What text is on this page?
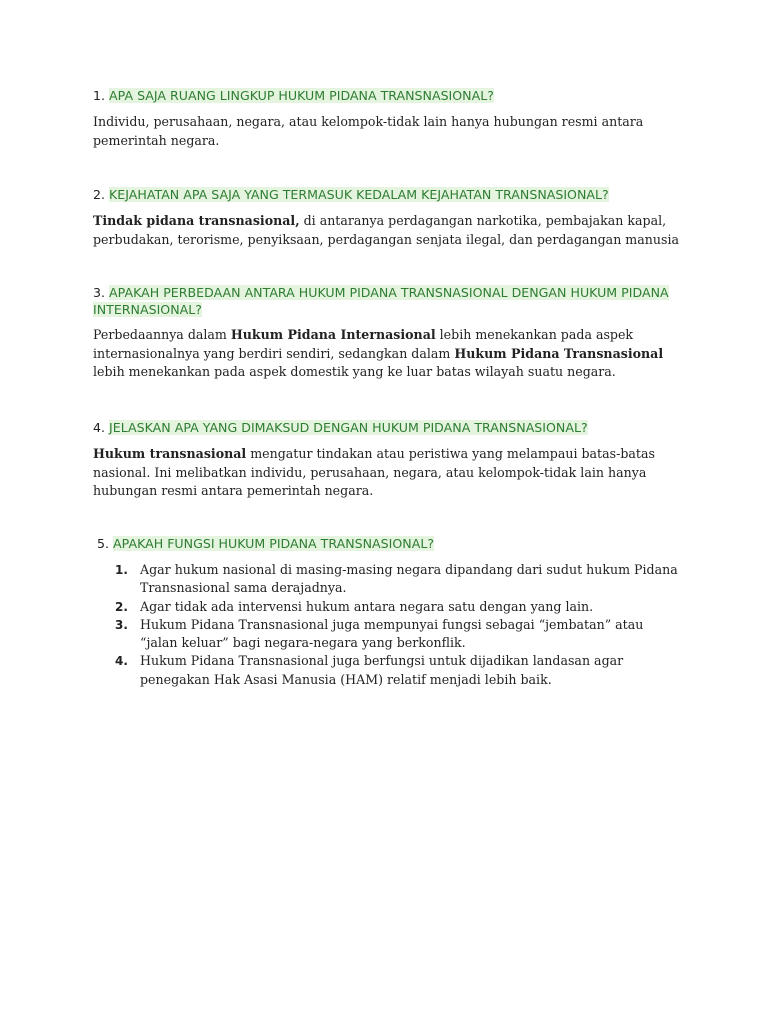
1. APA SAJA RUANG LINGKUP HUKUM PIDANA TRANSNASIONAL?
Individu, perusahaan, negara, atau kelompok-tidak lain hanya hubungan resmi antara pemerintah negara.
2. KEJAHATAN APA SAJA YANG TERMASUK KEDALAM KEJAHATAN TRANSNASIONAL?
Tindak pidana transnasional, di antaranya perdagangan narkotika, pembajakan kapal, perbudakan, terorisme, penyiksaan, perdagangan senjata ilegal, dan perdagangan manusia
3. APAKAH PERBEDAAN ANTARA HUKUM PIDANA TRANSNASIONAL DENGAN HUKUM PIDANA INTERNASIONAL?
Perbedaannya dalam Hukum Pidana Internasional lebih menekankan pada aspek internasionalnya yang berdiri sendiri, sedangkan dalam Hukum Pidana Transnasional lebih menekankan pada aspek domestik yang ke luar batas wilayah suatu negara.
4. JELASKAN APA YANG DIMAKSUD DENGAN HUKUM PIDANA TRANSNASIONAL?
Hukum transnasional mengatur tindakan atau peristiwa yang melampaui batas-batas nasional. Ini melibatkan individu, perusahaan, negara, atau kelompok-tidak lain hanya hubungan resmi antara pemerintah negara.
5. APAKAH FUNGSI HUKUM PIDANA TRANSNASIONAL?
1. Agar hukum nasional di masing-masing negara dipandang dari sudut hukum Pidana Transnasional sama derajadnya.
2. Agar tidak ada intervensi hukum antara negara satu dengan yang lain.
3. Hukum Pidana Transnasional juga mempunyai fungsi sebagai “jembatan” atau “jalan keluar” bagi negara-negara yang berkonflik.
4. Hukum Pidana Transnasional juga berfungsi untuk dijadikan landasan agar penegakan Hak Asasi Manusia (HAM) relatif menjadi lebih baik.
